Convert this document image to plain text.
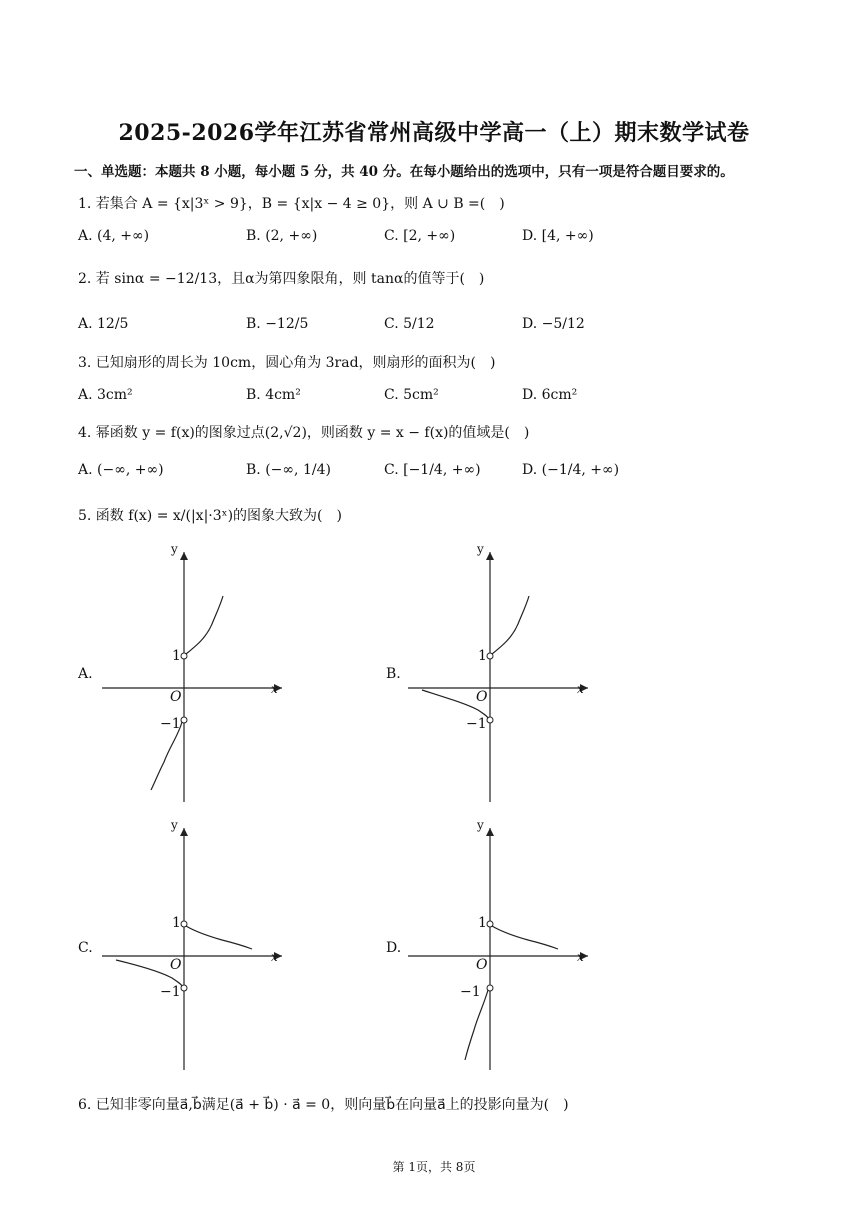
2025-2026学年江苏省常州高级中学高一（上）期末数学试卷
一、单选题：本题共 8 小题，每小题 5 分，共 40 分。在每小题给出的选项中，只有一项是符合题目要求的。
1. 若集合 A = {x|3ˣ > 9}，B = {x|x − 4 ≥ 0}，则 A ∪ B =(　)
A. (4, +∞)	B. (2, +∞)	C. [2, +∞)	D. [4, +∞)
2. 若 sinα = −12/13，且α为第四象限角，则 tanα的值等于(　)
A. 12/5	B. −12/5	C. 5/12	D. −5/12
3. 已知扇形的周长为 10cm，圆心角为 3rad，则扇形的面积为(　)
A. 3cm²	B. 4cm²	C. 5cm²	D. 6cm²
4. 幂函数 y = f(x)的图象过点(2,√2)，则函数 y = x − f(x)的值域是(　)
A. (−∞, +∞)	B. (−∞, 1/4)	C. [−1/4, +∞)	D. (−1/4, +∞)
5. 函数 f(x) = x/(|x|·3ˣ)的图象大致为(　)
A.
y
x
O
1
−1
B.
y
x
O
1
−1
C.
y
x
O
1
−1
D.
y
x
O
1
−1
6. 已知非零向量a⃗,b⃗满足(a⃗ + b⃗) · a⃗ = 0，则向量b⃗在向量a⃗上的投影向量为(　)
第 1页，共 8页
